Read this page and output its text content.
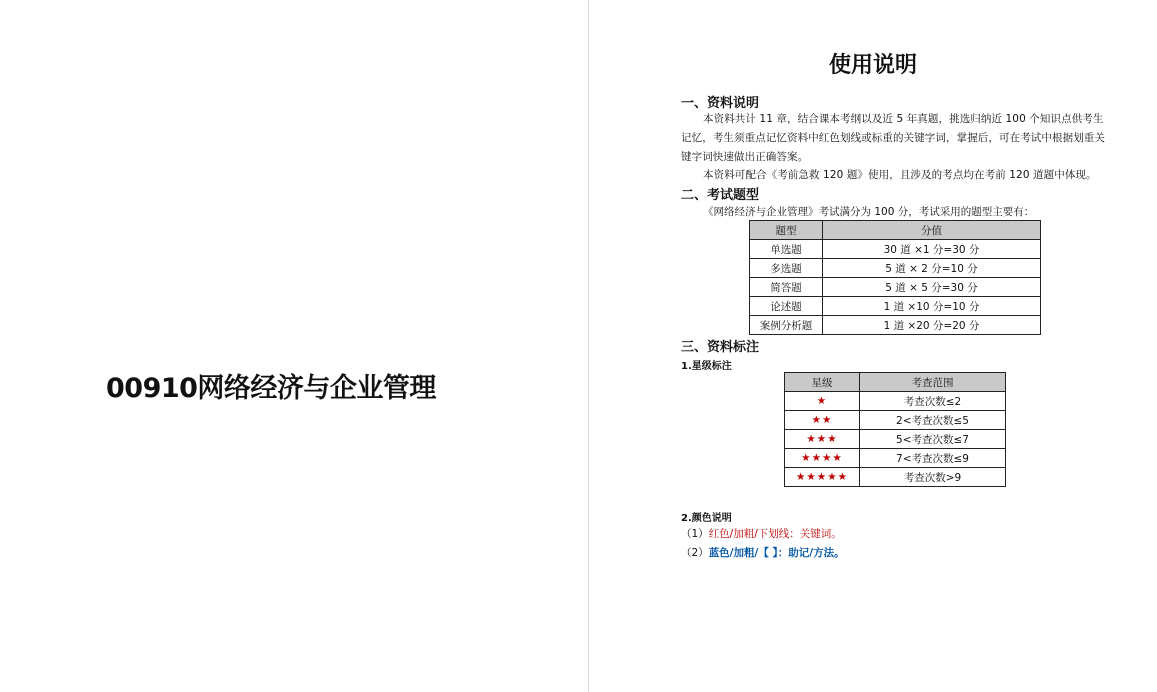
00910网络经济与企业管理
使用说明
一、资料说明

本资料共计 11 章，结合课本考纲以及近 5 年真题，挑选归纳近 100 个知识点供考生记忆，考生须重点记忆资料中红色划线或标重的关键字词，掌握后，可在考试中根据划重关键字词快速做出正确答案。

本资料可配合《考前急救 120 题》使用，且涉及的考点均在考前 120 道题中体现。

二、考试题型
《网络经济与企业管理》考试满分为 100 分，考试采用的题型主要有：
题型	分值
单选题	30 道 ×1 分=30 分
多选题	5 道 × 2 分=10 分
简答题	5 道 × 5 分=30 分
论述题	1 道 ×10 分=10 分
案例分析题	1 道 ×20 分=20 分
三、资料标注
1.星级标注
星级	考查范围
★	考查次数≤2
★★	2<考查次数≤5
★★★	5<考查次数≤7
★★★★	7<考查次数≤9
★★★★★	考查次数>9
2.颜色说明
（1）红色/加粗/下划线：关键词。
（2）蓝色/加粗/【 】：助记/方法。
